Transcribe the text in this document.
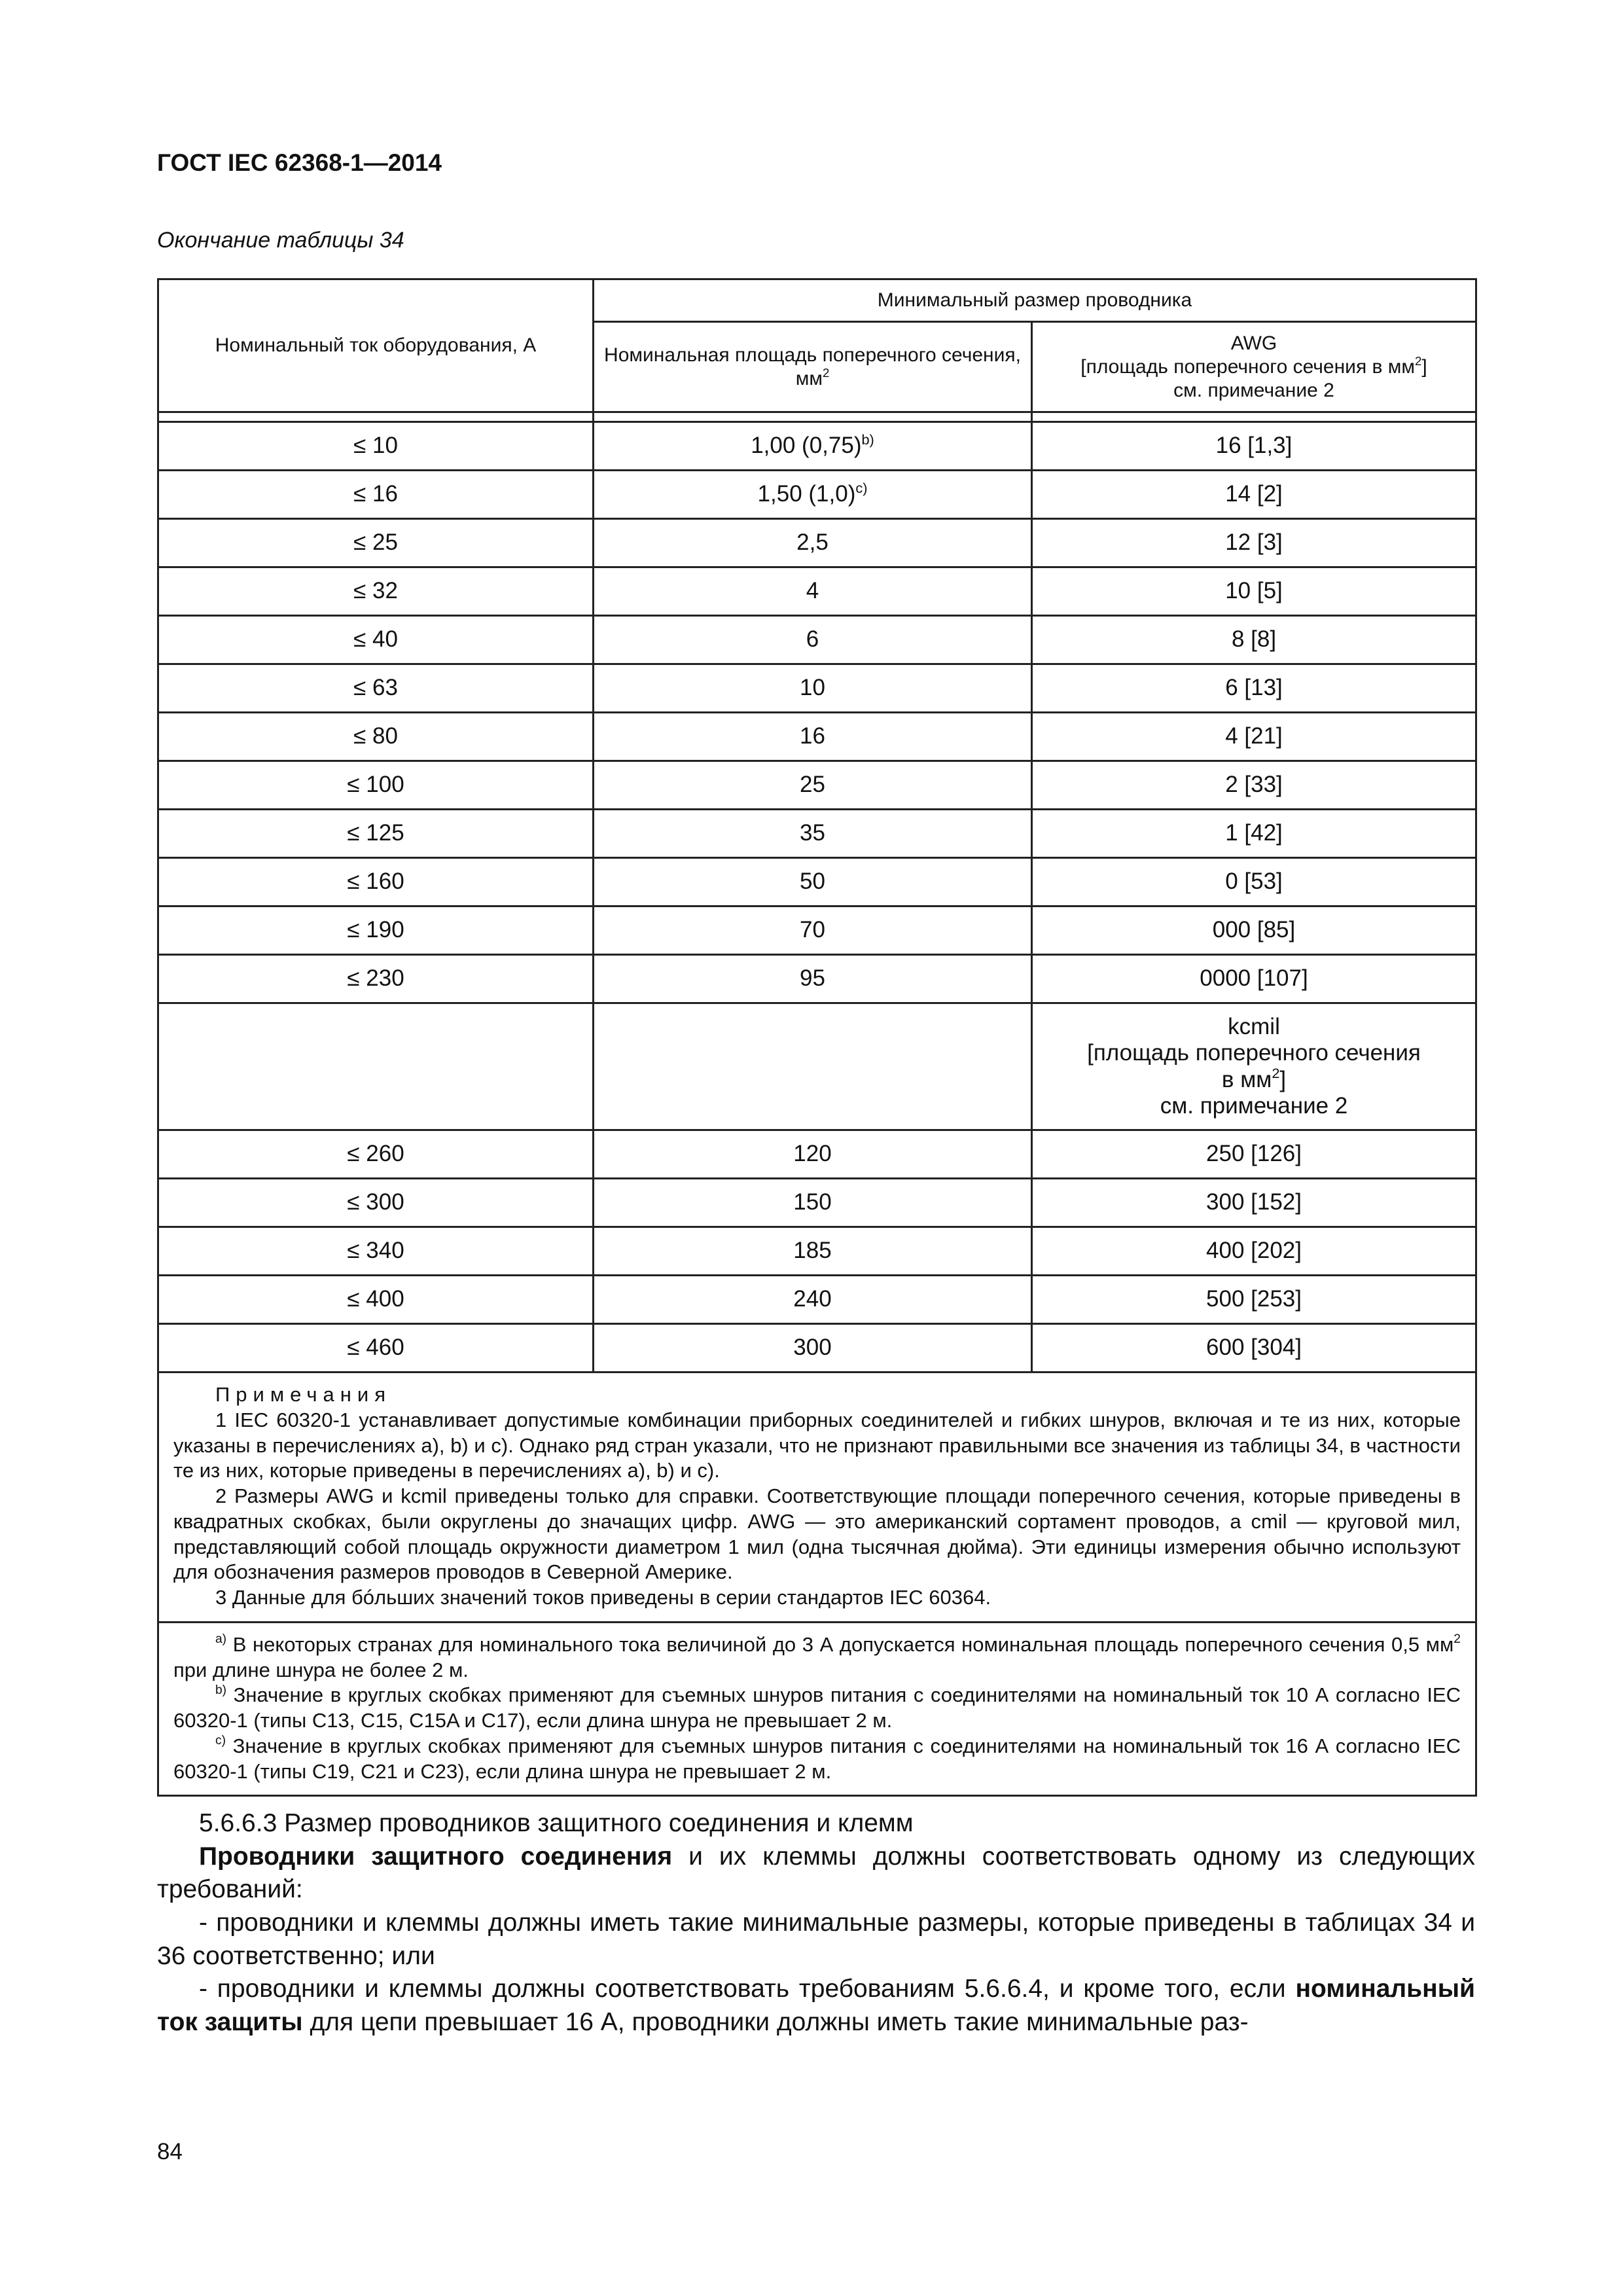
ГОСТ IEC 62368-1—2014
Окончание таблицы 34
Номинальный ток оборудования, А	Минимальный размер проводника	
	Номинальная площадь поперечного сечения, $мм^2$	AWG
[площадь поперечного сечения в $мм^2$]
см. примечание 2

≤ 10	1,00 $(0,75)^{b)}$	16 [1,3]
≤ 16	1,50 $(1,0)^{c)}$	14 [2]
≤ 25	2,5	12 [3]
≤ 32	4	10 [5]
≤ 40	6	8 [8]
≤ 63	10	6 [13]
≤ 80	16	4 [21]
≤ 100	25	2 [33]
≤ 125	35	1 [42]
≤ 160	50	0 [53]
≤ 190	70	000 [85]
≤ 230	95	0000 [107]
		kcmil
[площадь поперечного сечения
в $мм^2$]
см. примечание 2
≤ 260	120	250 [126]
≤ 300	150	300 [152]
≤ 340	185	400 [202]
≤ 400	240	500 [253]
≤ 460	300	600 [304]

Примечания

1 IEC 60320-1 устанавливает допустимые комбинации приборных соединителей и гибких шнуров, включая и те из них, которые указаны в перечислениях а), b) и с). Однако ряд стран указали, что не признают правильными все значения из таблицы 34, в частности те из них, которые приведены в перечислениях а), b) и с).

2 Размеры AWG и kcmil приведены только для справки. Соответствующие площади поперечного сечения, которые приведены в квадратных скобках, были округлены до значащих цифр. AWG — это американский сортамент проводов, a cmil — круговой мил, представляющий собой площадь окружности диаметром 1 мил (одна тысячная дюйма). Эти единицы измерения обычно используют для обозначения размеров проводов в Северной Америке.

3 Данные для бóльших значений токов приведены в серии стандартов IEC 60364.		

$^{a)}$ В некоторых странах для номинального тока величиной до 3 А допускается номинальная площадь поперечного сечения 0,5 $мм^2$ при длине шнура не более 2 м.

$^{b)}$ Значение в круглых скобках применяют для съемных шнуров питания с соединителями на номинальный ток 10 А согласно IEC 60320-1 (типы C13, C15, C15A и C17), если длина шнура не превышает 2 м.

$^{c)}$ Значение в круглых скобках применяют для съемных шнуров питания с соединителями на номинальный ток 16 А согласно IEC 60320-1 (типы C19, C21 и C23), если длина шнура не превышает 2 м.		

5.6.6.3 Размер проводников защитного соединения и клемм

Проводники защитного соединения и их клеммы должны соответствовать одному из следующих требований:

- проводники и клеммы должны иметь такие минимальные размеры, которые приведены в таблицах 34 и 36 соответственно; или

- проводники и клеммы должны соответствовать требованиям 5.6.6.4, и кроме того, если номинальный ток защиты для цепи превышает 16 А, проводники должны иметь такие минимальные раз-

84
